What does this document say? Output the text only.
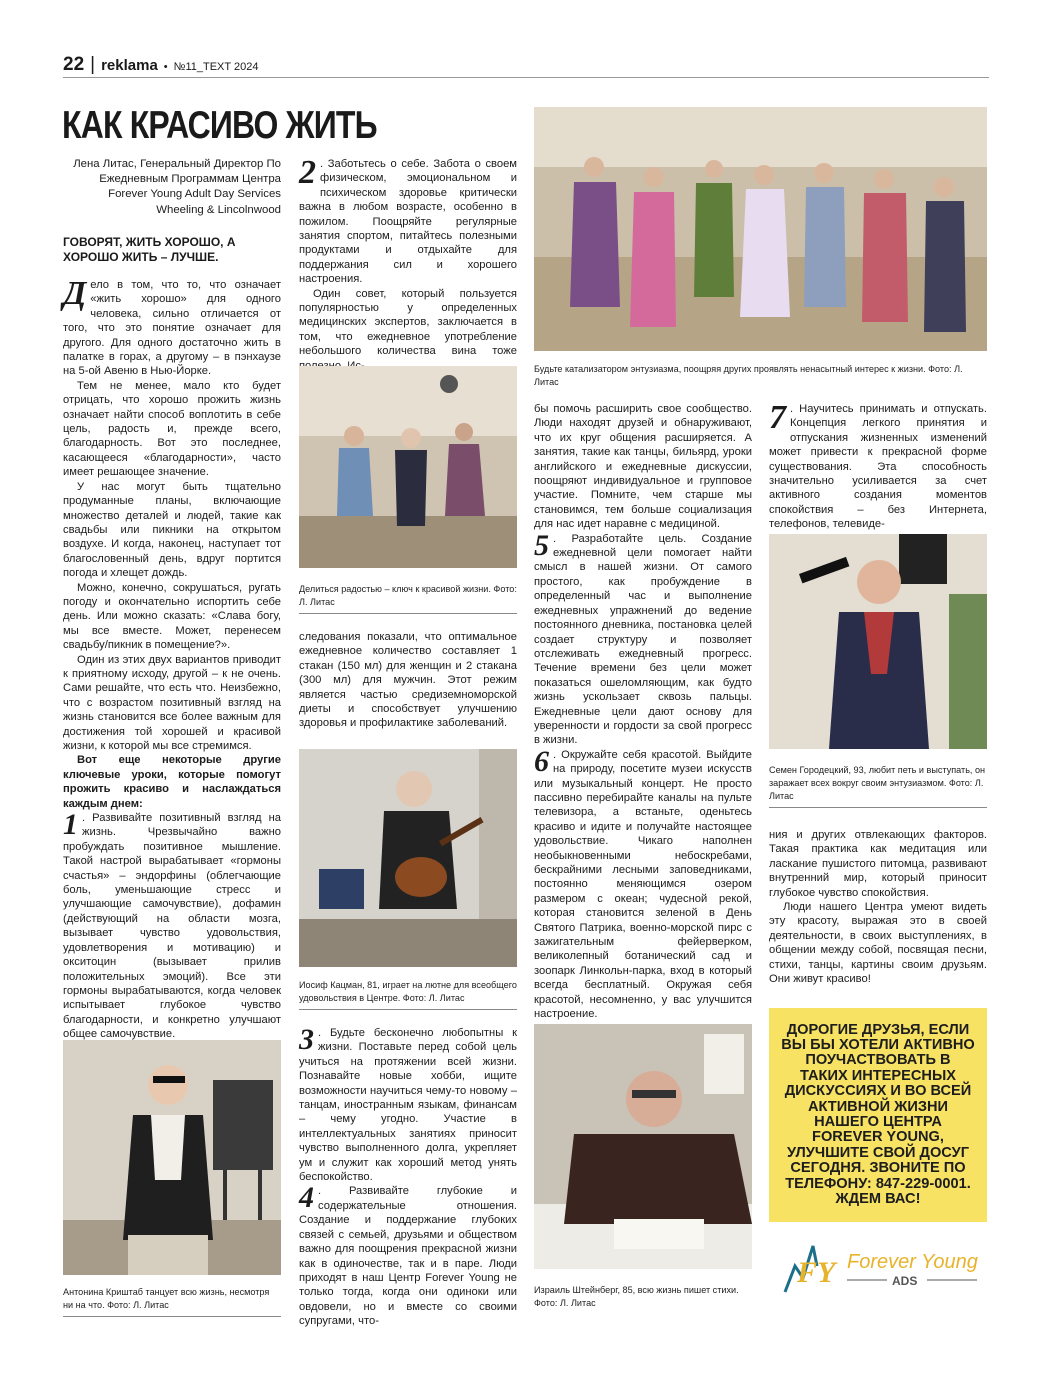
22 | reklama • №11_TEXT 2024
КАК КРАСИВО ЖИТЬ
Лена Литас, Генеральный Директор По Ежедневным Программам Центра Forever Young Adult Day Services Wheeling & Lincolnwood
ГОВОРЯТ, ЖИТЬ ХОРОШО, А ХОРОШО ЖИТЬ – ЛУЧШЕ.

Дело в том, что то, что означает «жить хорошо» для одного человека, сильно отличается от того, что это понятие означает для другого. Для одного достаточно жить в палатке в горах, а другому – в пэнхаузе на 5-ой Авеню в Нью-Йорке.

Тем не менее, мало кто будет отрицать, что хорошо прожить жизнь означает найти способ воплотить в себе цель, радость и, прежде всего, благодарность. Вот это последнее, касающееся «благодарности», часто имеет решающее значение.

У нас могут быть тщательно продуманные планы, включающие множество деталей и людей, такие как свадьбы или пикники на открытом воздухе. И когда, наконец, наступает тот благословенный день, вдруг портится погода и хлещет дождь.

Можно, конечно, сокрушаться, ругать погоду и окончательно испортить себе день. Или можно сказать: «Слава богу, мы все вместе. Может, перенесем свадьбу/пикник в помещение?».

Один из этих двух вариантов приводит к приятному исходу, другой – к не очень. Сами решайте, что есть что. Неизбежно, что с возрастом позитивный взгляд на жизнь становится все более важным для достижения той хорошей и красивой жизни, к которой мы все стремимся.

Вот еще некоторые другие ключевые уроки, которые помогут прожить красиво и наслаждаться каждым днем:

1 . Развивайте позитивный взгляд на жизнь. Чрезвычайно важно пробуждать позитивное мышление. Такой настрой вырабатывает «гормоны счастья» – эндорфины (облегчающие боль, уменьшающие стресс и улучшающие самочувствие), дофамин (действующий на области мозга, вызывает чувство удовольствия, удовлетворения и мотивацию) и окситоцин (вызывает прилив положительных эмоций). Все эти гормоны вырабатываются, когда человек испытывает глубокое чувство благодарности, и конкретно улучшают общее самочувствие.

Антонина Криштаб танцует всю жизнь, несмотря ни на что. Фото: Л. Литас

2 . Заботьтесь о себе. Забота о своем физическом, эмоциональном и психическом здоровье критически важна в любом возрасте, особенно в пожилом. Поощряйте регулярные занятия спортом, питайтесь полезными продуктами и отдыхайте для поддержания сил и хорошего настроения.

Один совет, который пользуется популярностью у определенных медицинских экспертов, заключается в том, что ежедневное употребление небольшого количества вина тоже

Делиться радостью – ключ к красивой жизни. Фото: Л. Литас

следования показали, что оптимальное ежедневное количество составляет 1 стакан (150 мл) для женщин и 2 стакана (300 мл) для мужчин. Этот режим является частью средиземноморской диеты и способствует улучшению здоровья и профилактике заболеваний.

Иосиф Кацман, 81, играет на лютне для всеобщего удовольствия в Центре. Фото: Л. Литас

3 . Будьте бесконечно любопытны к жизни. Поставьте перед собой цель учиться на протяжении всей жизни. Познавайте новые хобби, ищите возможности научиться чему-то новому – танцам, иностранным языкам, финансам – чему угодно. Участие в интеллектуальных занятиях приносит чувство выполненного долга, укрепляет ум и служит как хороший метод унять беспокойство.

4 . Развивайте глубокие и содержательные отношения. Создание и поддержание глубоких связей с семьей, друзьями и обществом важно для поощрения прекрасной жизни как в одиночестве, так и в паре. Люди приходят в наш Центр Forever Young не только тогда, когда они одиноки или овдовели, но и вместе со своими супругами, что-

Будьте катализатором энтузиазма, поощряя других проявлять ненасытный интерес к жизни. Фото: Л. Литас

бы помочь расширить свое сообщество. Люди находят друзей и обнаруживают, что их круг общения расширяется. А занятия, такие как танцы, бильярд, уроки английского и ежедневные дискуссии, поощряют индивидуальное и групповое участие. Помните, чем старше мы становимся, тем больше социализация для нас идет наравне с медициной.

5 . Разработайте цель. Создание ежедневной цели помогает найти смысл в нашей жизни. От самого простого, как пробуждение в определенный час и выполнение ежедневных упражнений до ведение постоянного дневника, постановка целей создает структуру и позволяет отслеживать ежедневный прогресс. Течение времени без цели может показаться ошеломляющим, как будто жизнь ускользает сквозь пальцы. Ежедневные цели дают основу для уверенности и гордости за свой прогресс в жизни.

6 . Окружайте себя красотой. Выйдите на природу, посетите музеи искусств или музыкальный концерт. Не просто пассивно перебирайте каналы на пульте телевизора, а встаньте, оденьтесь красиво и идите и получайте настоящее удовольствие. Чикаго наполнен необыкновенными небоскребами, бескрайними лесными заповедниками, постоянно меняющимся озером размером с океан; чудесной рекой, которая становится зеленой в День Святого Патрика, военно-морской пирс с зажигательным фейерверком, великолепный ботанический сад и зоопарк Линкольн-парка, вход в который всегда бесплатный. Окружая себя красотой, несомненно, у вас улучшится настроение.

Израиль Штейнберг, 85, всю жизнь пишет стихи. Фото: Л. Литас

7 . Научитесь принимать и отпускать. Концепция легкого принятия и отпускания жизненных изменений может привести к прекрасной форме существования. Эта способность значительно усиливается за счет активного создания моментов спокойствия – без Интернета, телефонов, телевиде-

Семен Городецкий, 93, любит петь и выступать, он заражает всех вокруг своим энтузиазмом. Фото: Л. Литас

ния и других отвлекающих факторов. Такая практика как медитация или ласкание пушистого питомца, развивают внутренний мир, который приносит глубокое чувство спокойствия.

Люди нашего Центра умеют видеть эту красоту, выражая это в своей деятельности, в своих выступлениях, в общении между собой, посвящая песни, стихи, танцы, картины своим друзьям. Они живут красиво!

ДОРОГИЕ ДРУЗЬЯ, ЕСЛИ ВЫ БЫ ХОТЕЛИ АКТИВНО ПОУЧАСТВОВАТЬ В ТАКИХ ИНТЕРЕСНЫХ ДИСКУССИЯХ И ВО ВСЕЙ АКТИВНОЙ ЖИЗНИ НАШЕГО ЦЕНТРА FOREVER YOUNG, УЛУЧШИТЕ СВОЙ ДОСУГ СЕГОДНЯ. ЗВОНИТЕ ПО ТЕЛЕФОНУ: 847-229-0001. ЖДЕМ ВАС!
FY Forever Young
ADS
